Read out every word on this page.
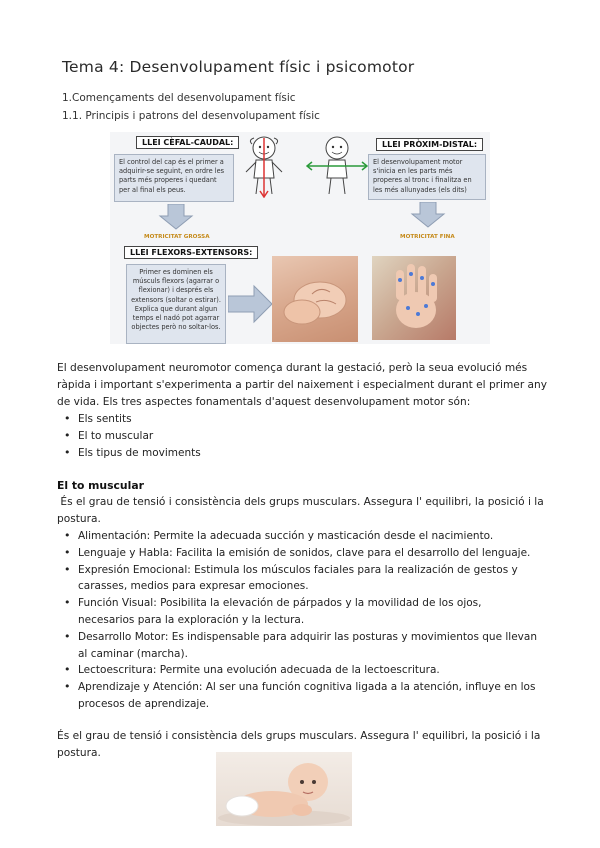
Tema 4: Desenvolupament físic i psicomotor
1.Començaments del desenvolupament físic
1.1. Principis i patrons del desenvolupament físic
LLEI CÈFAL-CAUDAL:
El control del cap és el primer a adquirir-se seguint, en ordre les parts més properes i quedant per al final els peus.
LLEI PRÒXIM-DISTAL:
El desenvolupament motor s'inicia en les parts més properes al tronc i finalitza en les més allunyades (els dits)
MOTRICITAT GROSSA	MOTRICITAT FINA
LLEI FLEXORS-EXTENSORS:
Primer es dominen els músculs flexors (agarrar o flexionar) i després els extensors (soltar o estirar). Explica que durant algun temps el nadó pot agarrar objectes però no soltar-los.
El desenvolupament neuromotor comença durant la gestació, però la seua evolució més ràpida i important s'experimenta a partir del naixement i especialment durant el primer any de vida. Els tres aspectes fonamentals d'aquest desenvolupament motor són:
• Els sentits
• El to muscular
• Els tipus de moviments
El to muscular
És el grau de tensió i consistència dels grups musculars. Assegura l' equilibri, la posició i la postura.
• Alimentación: Permite la adecuada succión y masticación desde el nacimiento.
• Lenguaje y Habla: Facilita la emisión de sonidos, clave para el desarrollo del lenguaje.
• Expresión Emocional: Estimula los músculos faciales para la realización de gestos y carasses, medios para expresar emociones.
• Función Visual: Posibilita la elevación de párpados y la movilidad de los ojos, necesarios para la exploración y la lectura.
• Desarrollo Motor: Es indispensable para adquirir las posturas y movimientos que llevan al caminar (marcha).
• Lectoescritura: Permite una evolución adecuada de la lectoescritura.
• Aprendizaje y Atención: Al ser una función cognitiva ligada a la atención, influye en los procesos de aprendizaje.
És el grau de tensió i consistència dels grups musculars. Assegura l' equilibri, la posició i la postura.
